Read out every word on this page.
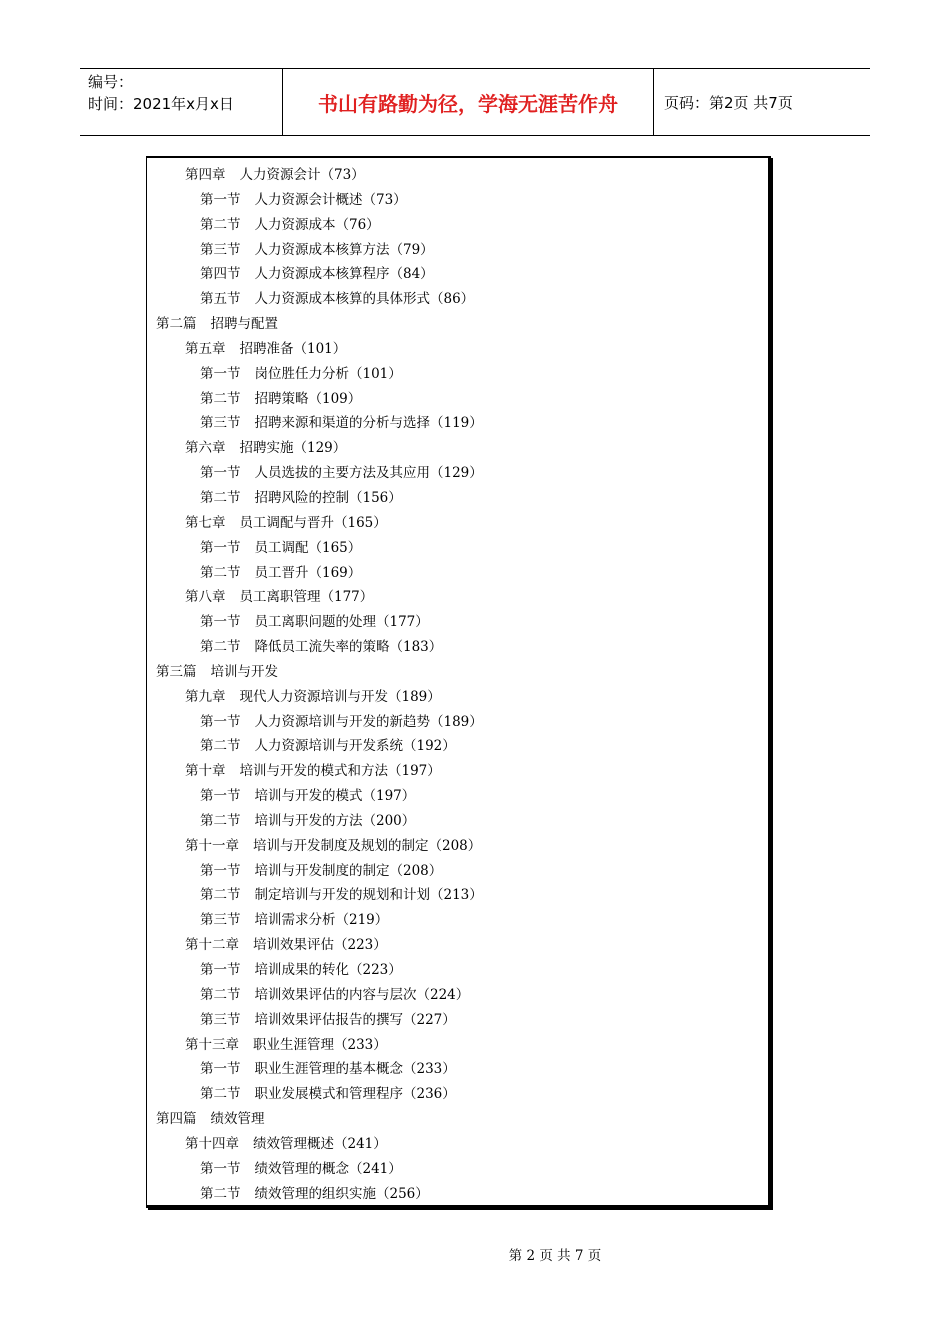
编号：
时间：2021年x月x日	书山有路勤为径，学海无涯苦作舟	页码：第2页 共7页
第四章 人力资源会计（73）
第一节 人力资源会计概述（73）
第二节 人力资源成本（76）
第三节 人力资源成本核算方法（79）
第四节 人力资源成本核算程序（84）
第五节 人力资源成本核算的具体形式（86）
第二篇 招聘与配置
第五章 招聘准备（101）
第一节 岗位胜任力分析（101）
第二节 招聘策略（109）
第三节 招聘来源和渠道的分析与选择（119）
第六章 招聘实施（129）
第一节 人员选拔的主要方法及其应用（129）
第二节 招聘风险的控制（156）
第七章 员工调配与晋升（165）
第一节 员工调配（165）
第二节 员工晋升（169）
第八章 员工离职管理（177）
第一节 员工离职问题的处理（177）
第二节 降低员工流失率的策略（183）
第三篇 培训与开发
第九章 现代人力资源培训与开发（189）
第一节 人力资源培训与开发的新趋势（189）
第二节 人力资源培训与开发系统（192）
第十章 培训与开发的模式和方法（197）
第一节 培训与开发的模式（197）
第二节 培训与开发的方法（200）
第十一章 培训与开发制度及规划的制定（208）
第一节 培训与开发制度的制定（208）
第二节 制定培训与开发的规划和计划（213）
第三节 培训需求分析（219）
第十二章 培训效果评估（223）
第一节 培训成果的转化（223）
第二节 培训效果评估的内容与层次（224）
第三节 培训效果评估报告的撰写（227）
第十三章 职业生涯管理（233）
第一节 职业生涯管理的基本概念（233）
第二节 职业发展模式和管理程序（236）
第四篇 绩效管理
第十四章 绩效管理概述（241）
第一节 绩效管理的概念（241）
第二节 绩效管理的组织实施（256）
第 2 页 共 7 页
